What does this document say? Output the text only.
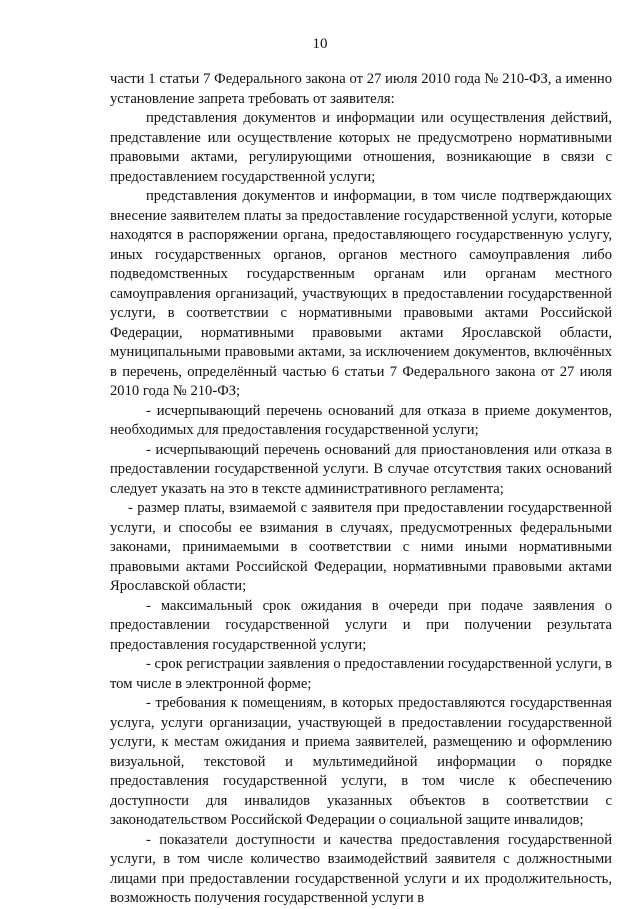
10

части 1 статьи 7 Федерального закона от 27 июля 2010 года № 210-ФЗ, а именно установление запрета требовать от заявителя:

представления документов и информации или осуществления действий, представление или осуществление которых не предусмотрено нормативными правовыми актами, регулирующими отношения, возникающие в связи с предоставлением государственной услуги;

представления документов и информации, в том числе подтверждающих внесение заявителем платы за предоставление государственной услуги, которые находятся в распоряжении органа, предоставляющего государственную услугу, иных государственных органов, органов местного самоуправления либо подведомственных государственным органам или органам местного самоуправления организаций, участвующих в предоставлении государственной услуги, в соответствии с нормативными правовыми актами Российской Федерации, нормативными правовыми актами Ярославской области, муниципальными правовыми актами, за исключением документов, включённых в перечень, определённый частью 6 статьи 7 Федерального закона от 27 июля 2010 года № 210-ФЗ;

- исчерпывающий перечень оснований для отказа в приеме документов, необходимых для предоставления государственной услуги;

- исчерпывающий перечень оснований для приостановления или отказа в предоставлении государственной услуги. В случае отсутствия таких оснований следует указать на это в тексте административного регламента;

- размер платы, взимаемой с заявителя при предоставлении государственной услуги, и способы ее взимания в случаях, предусмотренных федеральными законами, принимаемыми в соответствии с ними иными нормативными правовыми актами Российской Федерации, нормативными правовыми актами Ярославской области;

- максимальный срок ожидания в очереди при подаче заявления о предоставлении государственной услуги и при получении результата предоставления государственной услуги;

- срок регистрации заявления о предоставлении государственной услуги, в том числе в электронной форме;

- требования к помещениям, в которых предоставляются государственная услуга, услуги организации, участвующей в предоставлении государственной услуги, к местам ожидания и приема заявителей, размещению и оформлению визуальной, текстовой и мультимедийной информации о порядке предоставления государственной услуги, в том числе к обеспечению доступности для инвалидов указанных объектов в соответствии с законодательством Российской Федерации о социальной защите инвалидов;

- показатели доступности и качества предоставления государственной услуги, в том числе количество взаимодействий заявителя с должностными лицами при предоставлении государственной услуги и их продолжительность, возможность получения государственной услуги в
